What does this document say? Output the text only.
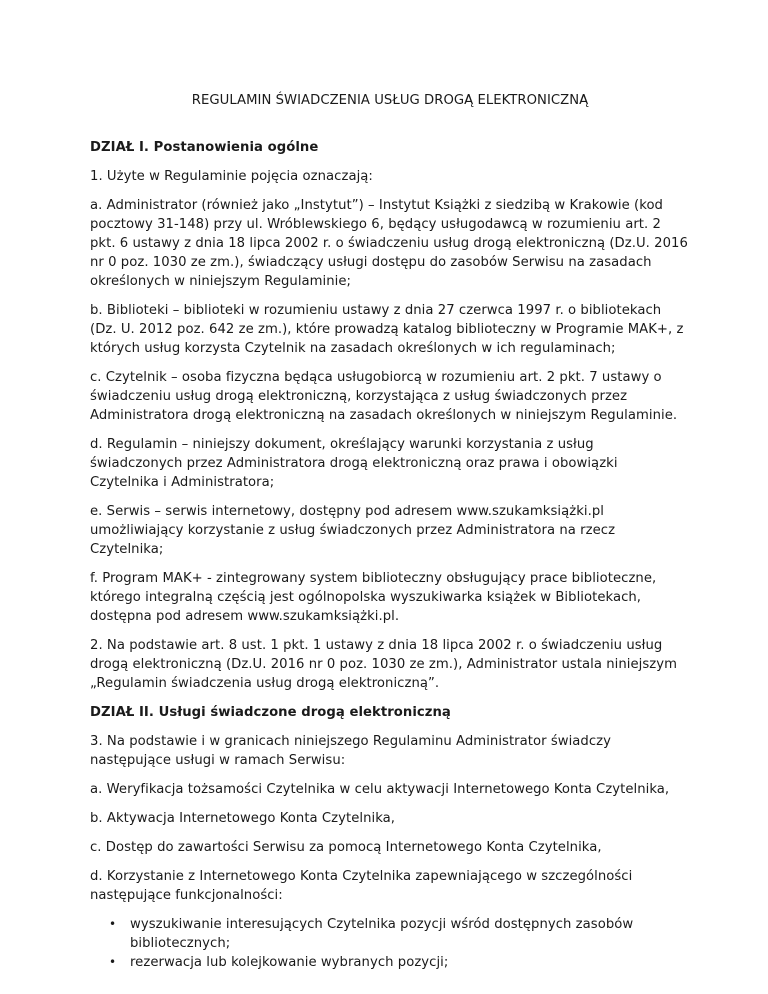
REGULAMIN ŚWIADCZENIA USŁUG DROGĄ ELEKTRONICZNĄ

DZIAŁ I. Postanowienia ogólne

1. Użyte w Regulaminie pojęcia oznaczają:

a. Administrator (również jako „Instytut”) – Instytut Książki z siedzibą w Krakowie (kod pocztowy 31-148) przy ul. Wróblewskiego 6, będący usługodawcą w rozumieniu art. 2 pkt. 6 ustawy z dnia 18 lipca 2002 r. o świadczeniu usług drogą elektroniczną (Dz.U. 2016 nr 0 poz. 1030 ze zm.), świadczący usługi dostępu do zasobów Serwisu na zasadach określonych w niniejszym Regulaminie;

b. Biblioteki – biblioteki w rozumieniu ustawy z dnia 27 czerwca 1997 r. o bibliotekach (Dz. U. 2012 poz. 642 ze zm.), które prowadzą katalog biblioteczny w Programie MAK+, z których usług korzysta Czytelnik na zasadach określonych w ich regulaminach;

c. Czytelnik – osoba fizyczna będąca usługobiorcą w rozumieniu art. 2 pkt. 7 ustawy o świadczeniu usług drogą elektroniczną, korzystająca z usług świadczonych przez Administratora drogą elektroniczną na zasadach określonych w niniejszym Regulaminie.

d. Regulamin – niniejszy dokument, określający warunki korzystania z usług świadczonych przez Administratora drogą elektroniczną oraz prawa i obowiązki Czytelnika i Administratora;

e. Serwis – serwis internetowy, dostępny pod adresem www.szukamksiążki.pl umożliwiający korzystanie z usług świadczonych przez Administratora na rzecz Czytelnika;

f. Program MAK+ - zintegrowany system biblioteczny obsługujący prace biblioteczne, którego integralną częścią jest ogólnopolska wyszukiwarka książek w Bibliotekach, dostępna pod adresem www.szukamksiążki.pl.

2. Na podstawie art. 8 ust. 1 pkt. 1 ustawy z dnia 18 lipca 2002 r. o świadczeniu usług drogą elektroniczną (Dz.U. 2016 nr 0 poz. 1030 ze zm.), Administrator ustala niniejszym „Regulamin świadczenia usług drogą elektroniczną”.

DZIAŁ II. Usługi świadczone drogą elektroniczną

3. Na podstawie i w granicach niniejszego Regulaminu Administrator świadczy następujące usługi w ramach Serwisu:

a. Weryfikacja tożsamości Czytelnika w celu aktywacji Internetowego Konta Czytelnika,

b. Aktywacja Internetowego Konta Czytelnika,

c. Dostęp do zawartości Serwisu za pomocą Internetowego Konta Czytelnika,

d. Korzystanie z Internetowego Konta Czytelnika zapewniającego w szczególności następujące funkcjonalności:

• wyszukiwanie interesujących Czytelnika pozycji wśród dostępnych zasobów bibliotecznych;
• rezerwacja lub kolejkowanie wybranych pozycji;
